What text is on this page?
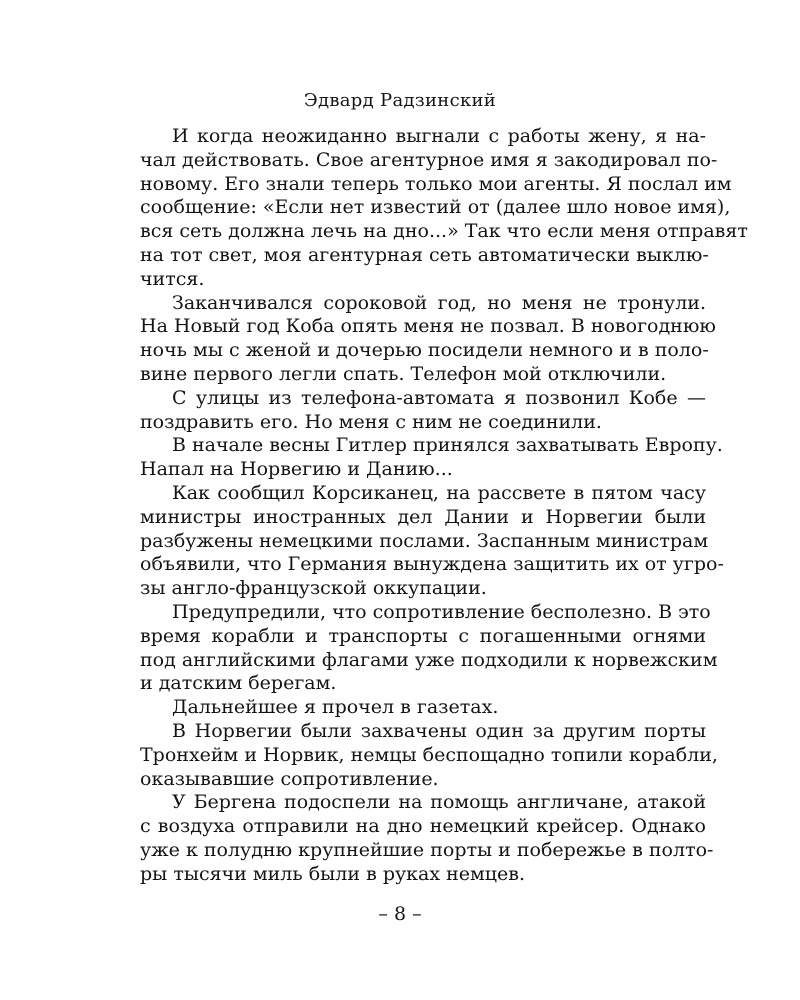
Эдвард Радзинский

И когда неожиданно выгнали с работы жену, я на-
чал действовать. Свое агентурное имя я закодировал по-
новому. Его знали теперь только мои агенты. Я послал им
сообщение: «Если нет известий от (далее шло новое имя),
вся сеть должна лечь на дно...» Так что если меня отправят
на тот свет, моя агентурная сеть автоматически выклю-
чится.

Заканчивался сороковой год, но меня не тронули.
На Новый год Коба опять меня не позвал. В новогоднюю
ночь мы с женой и дочерью посидели немного и в поло-
вине первого легли спать. Телефон мой отключили.

С улицы из телефона-автомата я позвонил Кобе —
поздравить его. Но меня с ним не соединили.

В начале весны Гитлер принялся захватывать Европу.
Напал на Норвегию и Данию...

Как сообщил Корсиканец, на рассвете в пятом часу
министры иностранных дел Дании и Норвегии были
разбужены немецкими послами. Заспанным министрам
объявили, что Германия вынуждена защитить их от угро-
зы англо-французской оккупации.

Предупредили, что сопротивление бесполезно. В это
время корабли и транспорты с погашенными огнями
под английскими флагами уже подходили к норвежским
и датским берегам.

Дальнейшее я прочел в газетах.

В Норвегии были захвачены один за другим порты
Тронхейм и Норвик, немцы беспощадно топили корабли,
оказывавшие сопротивление.

У Бергена подоспели на помощь англичане, атакой
с воздуха отправили на дно немецкий крейсер. Однако
уже к полудню крупнейшие порты и побережье в полто-
ры тысячи миль были в руках немцев.

– 8 –
